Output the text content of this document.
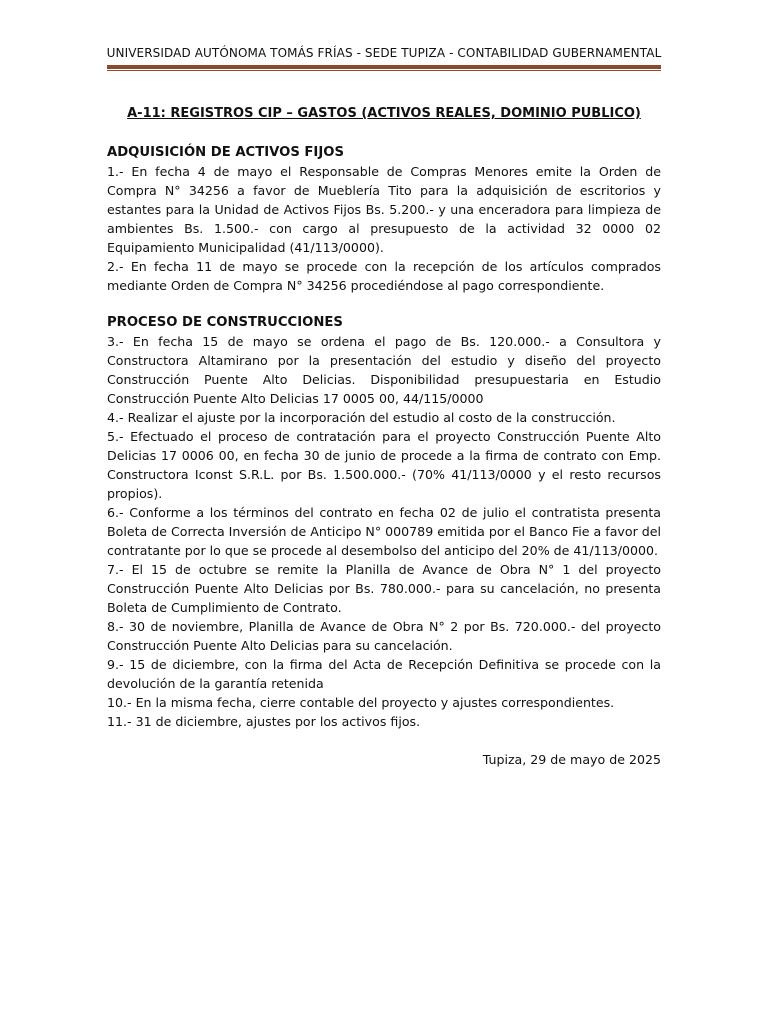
UNIVERSIDAD AUTÓNOMA TOMÁS FRÍAS - SEDE TUPIZA - CONTABILIDAD GUBERNAMENTAL
A-11: REGISTROS CIP – GASTOS (ACTIVOS REALES, DOMINIO PUBLICO)

ADQUISICIÓN DE ACTIVOS FIJOS

1.- En fecha 4 de mayo el Responsable de Compras Menores emite la Orden de Compra N° 34256 a favor de Mueblería Tito para la adquisición de escritorios y estantes para la Unidad de Activos Fijos Bs. 5.200.- y una enceradora para limpieza de ambientes Bs. 1.500.- con cargo al presupuesto de la actividad 32 0000 02 Equipamiento Municipalidad (41/113/0000).

2.- En fecha 11 de mayo se procede con la recepción de los artículos comprados mediante Orden de Compra N° 34256 procediéndose al pago correspondiente.

PROCESO DE CONSTRUCCIONES

3.- En fecha 15 de mayo se ordena el pago de Bs. 120.000.- a Consultora y Constructora Altamirano por la presentación del estudio y diseño del proyecto Construcción Puente Alto Delicias. Disponibilidad presupuestaria en Estudio Construcción Puente Alto Delicias 17 0005 00, 44/115/0000

4.- Realizar el ajuste por la incorporación del estudio al costo de la construcción.

5.- Efectuado el proceso de contratación para el proyecto Construcción Puente Alto Delicias 17 0006 00, en fecha 30 de junio de procede a la firma de contrato con Emp. Constructora Iconst S.R.L. por Bs. 1.500.000.- (70% 41/113/0000 y el resto recursos propios).

6.- Conforme a los términos del contrato en fecha 02 de julio el contratista presenta Boleta de Correcta Inversión de Anticipo N° 000789 emitida por el Banco Fie a favor del contratante por lo que se procede al desembolso del anticipo del 20% de 41/113/0000.

7.- El 15 de octubre se remite la Planilla de Avance de Obra N° 1 del proyecto Construcción Puente Alto Delicias por Bs. 780.000.- para su cancelación, no presenta Boleta de Cumplimiento de Contrato.

8.- 30 de noviembre, Planilla de Avance de Obra N° 2 por Bs. 720.000.- del proyecto Construcción Puente Alto Delicias para su cancelación.

9.- 15 de diciembre, con la firma del Acta de Recepción Definitiva se procede con la devolución de la garantía retenida

10.- En la misma fecha, cierre contable del proyecto y ajustes correspondientes.

11.- 31 de diciembre, ajustes por los activos fijos.

Tupiza, 29 de mayo de 2025
